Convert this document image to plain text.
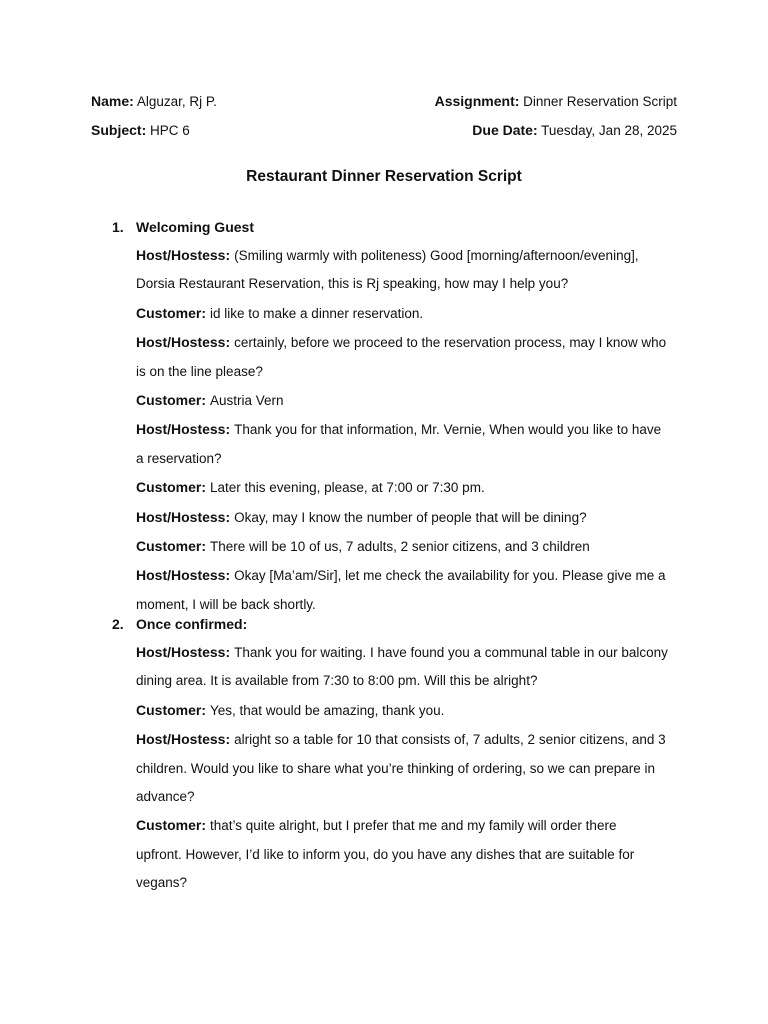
Name: Alguzar, Rj P.	Assignment: Dinner Reservation Script
Subject: HPC 6	Due Date: Tuesday, Jan 28, 2025
Restaurant Dinner Reservation Script
1. Welcoming Guest

Host/Hostess: (Smiling warmly with politeness) Good [morning/afternoon/evening],

Dorsia Restaurant Reservation, this is Rj speaking, how may I help you?

Customer: id like to make a dinner reservation.

Host/Hostess: certainly, before we proceed to the reservation process, may I know who

is on the line please?

Customer: Austria Vern

Host/Hostess: Thank you for that information, Mr. Vernie, When would you like to have

a reservation?

Customer: Later this evening, please, at 7:00 or 7:30 pm.

Host/Hostess: Okay, may I know the number of people that will be dining?

Customer: There will be 10 of us, 7 adults, 2 senior citizens, and 3 children

Host/Hostess: Okay [Ma’am/Sir], let me check the availability for you. Please give me a

moment, I will be back shortly.

2. Once confirmed:

Host/Hostess: Thank you for waiting. I have found you a communal table in our balcony

dining area. It is available from 7:30 to 8:00 pm. Will this be alright?

Customer: Yes, that would be amazing, thank you.

Host/Hostess: alright so a table for 10 that consists of, 7 adults, 2 senior citizens, and 3

children. Would you like to share what you’re thinking of ordering, so we can prepare in

advance?

Customer: that’s quite alright, but I prefer that me and my family will order there

upfront. However, I’d like to inform you, do you have any dishes that are suitable for

vegans?
